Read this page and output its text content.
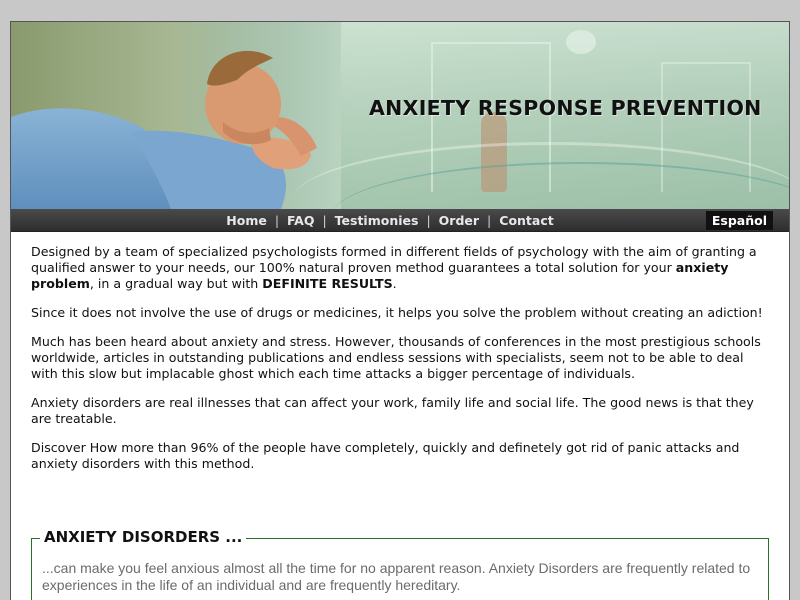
ANXIETY RESPONSE PREVENTION
Home | FAQ | Testimonies | Order | Contact	Español

Designed by a team of specialized psychologists formed in different fields of psychology with the aim of granting a qualified answer to your needs, our 100% natural proven method guarantees a total solution for your anxiety problem, in a gradual way but with DEFINITE RESULTS.

Since it does not involve the use of drugs or medicines, it helps you solve the problem without creating an adiction!

Much has been heard about anxiety and stress. However, thousands of conferences in the most prestigious schools worldwide, articles in outstanding publications and endless sessions with specialists, seem not to be able to deal with this slow but implacable ghost which each time attacks a bigger percentage of individuals.

Anxiety disorders are real illnesses that can affect your work, family life and social life. The good news is that they are treatable.

Discover How more than 96% of the people have completely, quickly and definetely got rid of panic attacks and anxiety disorders with this method.

ANXIETY DISORDERS ...
...can make you feel anxious almost all the time for no apparent reason. Anxiety Disorders are frequently related to experiences in the life of an individual and are frequently hereditary.
